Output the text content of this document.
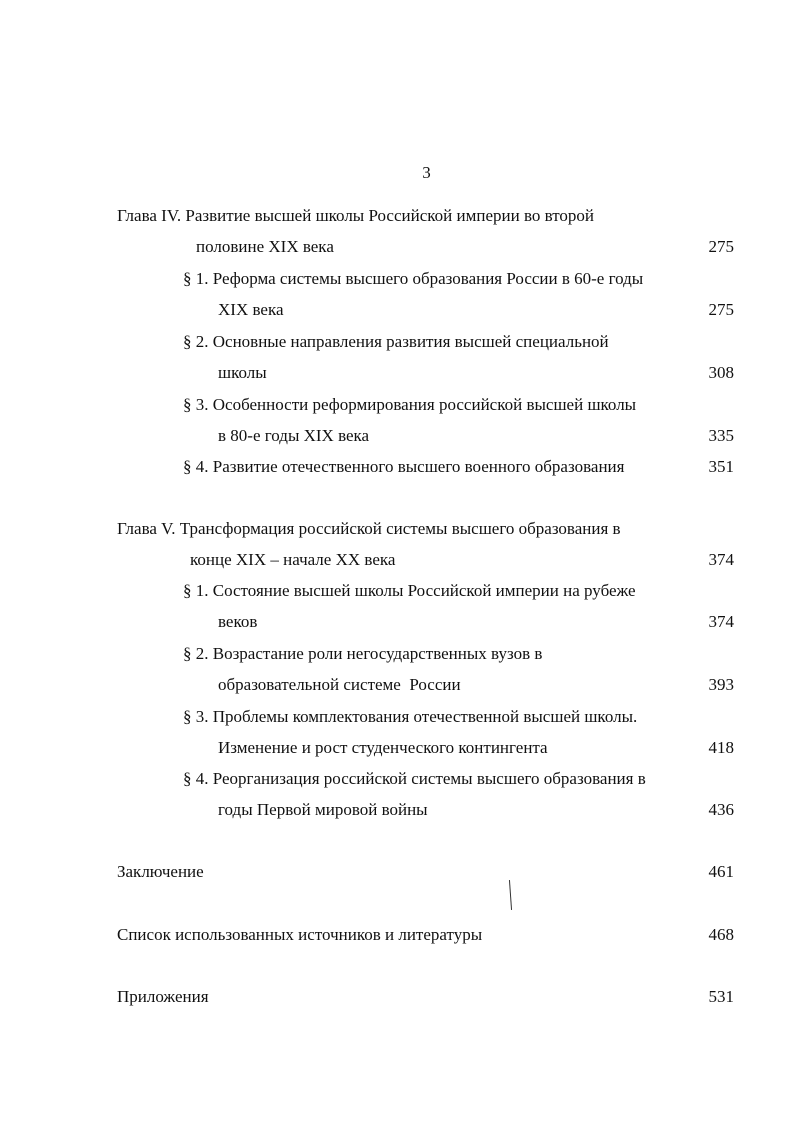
3
Глава IV. Развитие высшей школы Российской империи во второй
половине XIX века	275
§ 1. Реформа системы высшего образования России в 60-е годы
XIX века	275
§ 2. Основные направления развития высшей специальной
школы	308
§ 3. Особенности реформирования российской высшей школы
в 80-е годы XIX века	335
§ 4. Развитие отечественного высшего военного образования	351
Глава V. Трансформация российской системы высшего образования в
конце XIX – начале XX века	374
§ 1. Состояние высшей школы Российской империи на рубеже
веков	374
§ 2. Возрастание роли негосударственных вузов в
образовательной системе  России	393
§ 3. Проблемы комплектования отечественной высшей школы.
Изменение и рост студенческого контингента	418
§ 4. Реорганизация российской системы высшего образования в
годы Первой мировой войны	436
Заключение	461
Список использованных источников и литературы	468
Приложения	531
